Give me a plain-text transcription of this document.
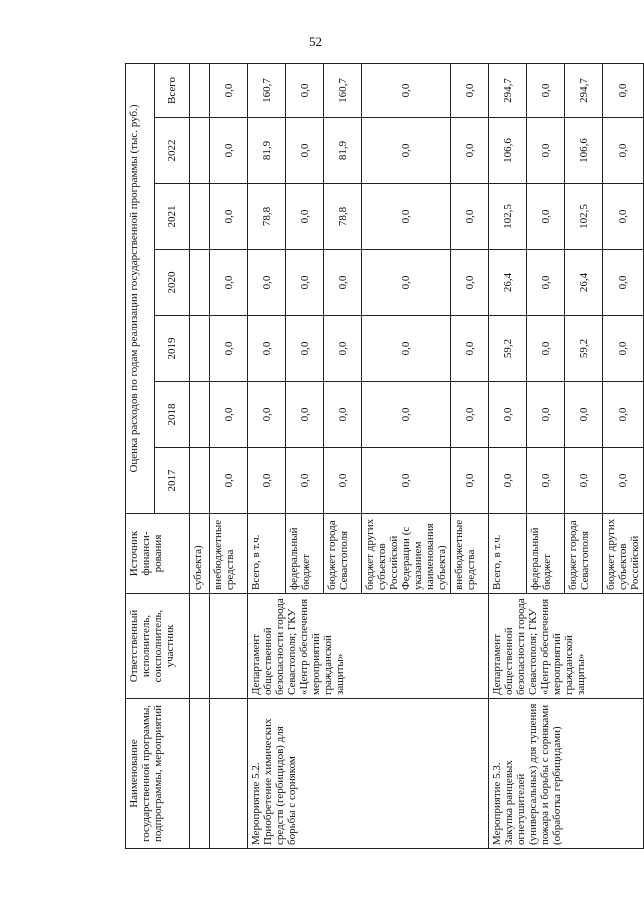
52
Наименование государственной программы, подпрограммы, мероприятий	Ответственный исполнитель, соисполнитель, участник	Источник финанси-рования	Оценка расходов по годам реализации государственной программы (тыс. руб.)						
			2017	2018	2019	2020	2021	2022	Всего
		субъекта)							
		внебюджетные средства	0,0	0,0	0,0	0,0	0,0	0,0	0,0
Мероприятие 5.2.
Приобретение химических средств (гербицидов) для борьбы с сорняком	Департамент общественной безопасности города Севастополя; ГКУ «Центр обеспечения мероприятий гражданской защиты»	Всего, в т.ч.	0,0	0,0	0,0	0,0	78,8	81,9	160,7
		федеральный бюджет	0,0	0,0	0,0	0,0	0,0	0,0	0,0
		бюджет города Севастополя	0,0	0,0	0,0	0,0	78,8	81,9	160,7
		бюджет других субъектов Российской Федерации (с указанием наименования субъекта)	0,0	0,0	0,0	0,0	0,0	0,0	0,0
		внебюджетные средства	0,0	0,0	0,0	0,0	0,0	0,0	0,0
Мероприятие 5.3.
Закупка ранцевых огнетушителей (универсальных) для тушения пожара и борьбы с сорняками (обработка гербицидами)	Департамент общественной безопасности города Севастополя; ГКУ «Центр обеспечения мероприятий гражданской защиты»	Всего, в т.ч.	0,0	0,0	59,2	26,4	102,5	106,6	294,7
		федеральный бюджет	0,0	0,0	0,0	0,0	0,0	0,0	0,0
		бюджет города Севастополя	0,0	0,0	59,2	26,4	102,5	106,6	294,7
		бюджет других субъектов Российской	0,0	0,0	0,0	0,0	0,0	0,0	0,0
